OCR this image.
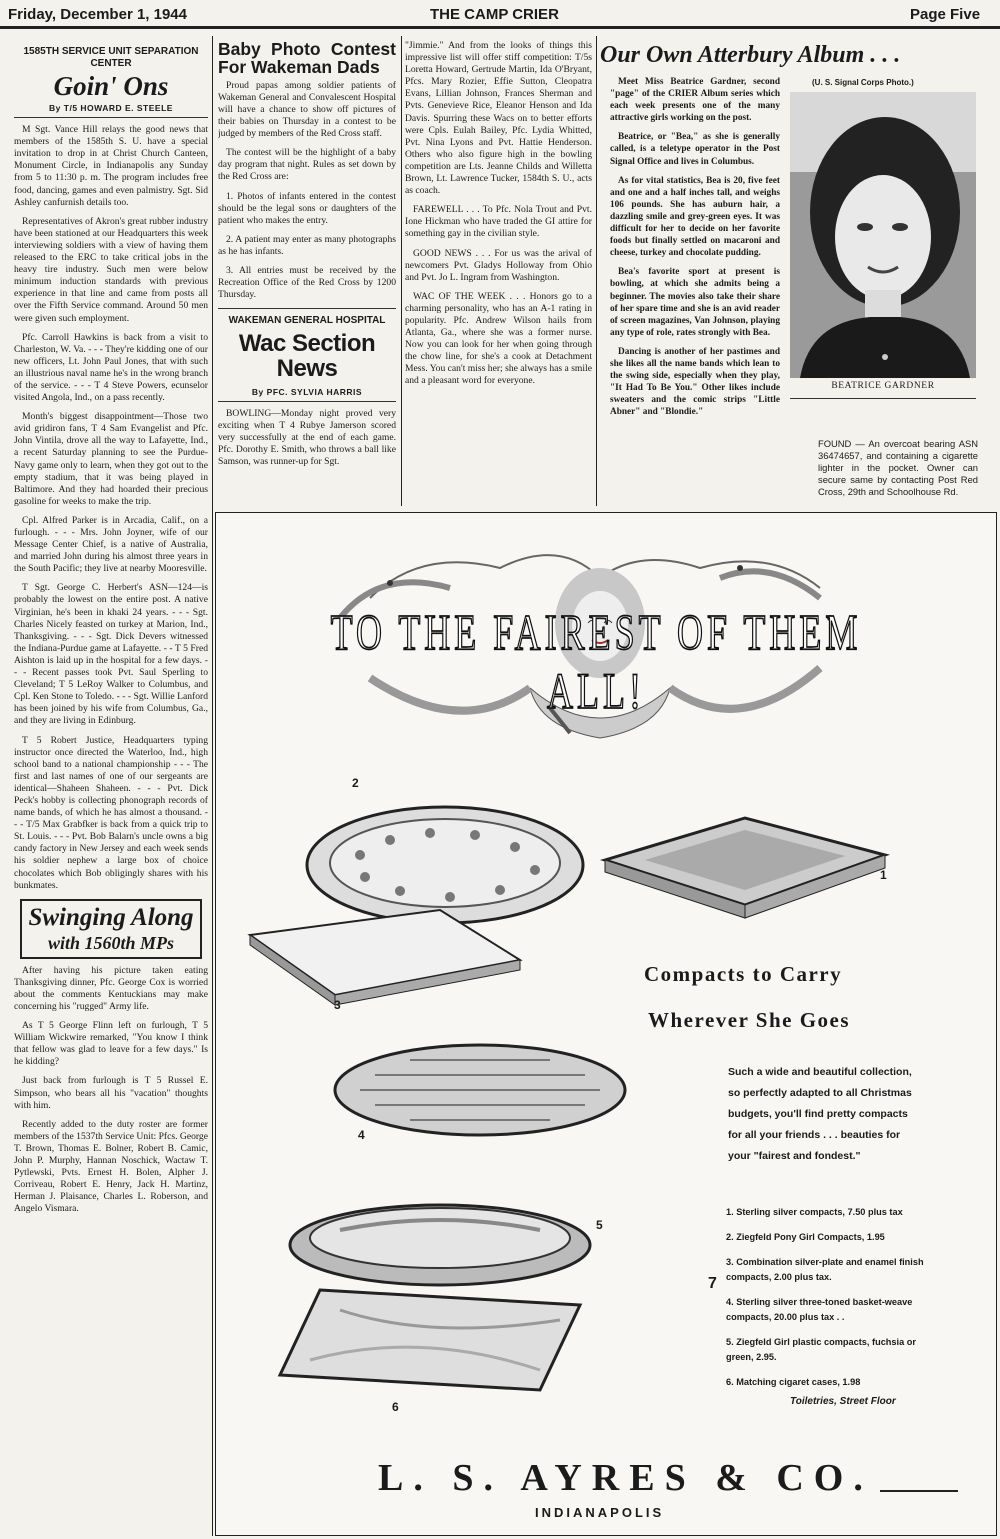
Friday, December 1, 1944	THE CAMP CRIER	Page Five
1585TH SERVICE UNIT SEPARATION CENTER
Goin' Ons
By T/5 HOWARD E. STEELE

M Sgt. Vance Hill relays the good news that members of the 1585th S. U. have a special invitation to drop in at Christ Church Canteen, Monument Circle, in Indianapolis any Sunday from 5 to 11:30 p. m. The program includes free food, dancing, games and even palmistry. Sgt. Sid Ashley canfurnish details too.

Representatives of Akron's great rubber industry have been stationed at our Headquarters this week interviewing soldiers with a view of having them released to the ERC to take critical jobs in the heavy tire industry. Such men were below minimum induction standards with previous experience in that line and came from posts all over the Fifth Service command. Around 50 men were given such employment.

Pfc. Carroll Hawkins is back from a visit to Charleston, W. Va. - - - They're kidding one of our new officers, Lt. John Paul Jones, that with such an illustrious naval name he's in the wrong branch of the service. - - - T 4 Steve Powers, ecunselor visited Angola, Ind., on a pass recently.

Month's biggest disappointment—Those two avid gridiron fans, T 4 Sam Evangelist and Pfc. John Vintila, drove all the way to Lafayette, Ind., a recent Saturday planning to see the Purdue-Navy game only to learn, when they got out to the empty stadium, that it was being played in Baltimore. And they had hoarded their precious gasoline for weeks to make the trip.

Cpl. Alfred Parker is in Arcadia, Calif., on a furlough. - - - Mrs. John Joyner, wife of our Message Center Chief, is a native of Australia, and married John during his almost three years in the South Pacific; they live at nearby Mooresville.

T Sgt. George C. Herbert's ASN—124—is probably the lowest on the entire post. A native Virginian, he's been in khaki 24 years. - - - Sgt. Charles Nicely feasted on turkey at Marion, Ind., Thanksgiving. - - - Sgt. Dick Devers witnessed the Indiana-Purdue game at Lafayette. - - T 5 Fred Aishton is laid up in the hospital for a few days. - - - Recent passes took Pvt. Saul Sperling to Cleveland; T 5 LeRoy Walker to Columbus, and Cpl. Ken Stone to Toledo. - - - Sgt. Willie Lanford has been joined by his wife from Columbus, Ga., and they are living in Edinburg.

T 5 Robert Justice, Headquarters typing instructor once directed the Waterloo, Ind., high school band to a national championship - - - The first and last names of one of our sergeants are identical—Shaheen Shaheen. - - - Pvt. Dick Peck's hobby is collecting phonograph records of name bands, of which he has almost a thousand. - - - T/5 Max Grabfker is back from a quick trip to St. Louis. - - - Pvt. Bob Balarn's uncle owns a big candy factory in New Jersey and each week sends his soldier nephew a large box of choice chocolates which Bob obligingly shares with his bunkmates.

Swinging Along
with 1560th MPs

After having his picture taken eating Thanksgiving dinner, Pfc. George Cox is worried about the comments Kentuckians may make concerning his "rugged" Army life.

As T 5 George Flinn left on furlough, T 5 William Wickwire remarked, "You know I think that fellow was glad to leave for a few days." Is he kidding?

Just back from furlough is T 5 Russel E. Simpson, who bears all his "vacation" thoughts with him.

Recently added to the duty roster are former members of the 1537th Service Unit: Pfcs. George T. Brown, Thomas E. Bolner, Robert B. Camic, John P. Murphy, Hannan Noschick, Wactaw T. Pytlewski, Pvts. Ernest H. Bolen, Alpher J. Corriveau, Robert E. Henry, Jack H. Martinz, Herman J. Plaisance, Charles L. Roberson, and Angelo Vismara.

Baby Photo Contest For Wakeman Dads

Proud papas among soldier patients of Wakeman General and Convalescent Hospital will have a chance to show off pictures of their babies on Thursday in a contest to be judged by members of the Red Cross staff.

The contest will be the highlight of a baby day program that night. Rules as set down by the Red Cross are:

1. Photos of infants entered in the contest should be the legal sons or daughters of the patient who makes the entry.

2. A patient may enter as many photographs as he has infants.

3. All entries must be received by the Recreation Office of the Red Cross by 1200 Thursday.

WAKEMAN GENERAL HOSPITAL
Wac Section News
By PFC. SYLVIA HARRIS

BOWLING—Monday night proved very exciting when T 4 Rubye Jamerson scored very successfully at the end of each game. Pfc. Dorothy E. Smith, who throws a ball like Samson, was runner-up for Sgt.

"Jimmie." And from the looks of things this impressive list will offer stiff competition: T/5s Loretta Howard, Gertrude Martin, Ida O'Bryant, Pfcs. Mary Rozier, Effie Sutton, Cleopatra Evans, Lillian Johnson, Frances Sherman and Pvts. Genevieve Rice, Eleanor Henson and Ida Davis. Spurring these Wacs on to better efforts were Cpls. Eulah Bailey, Pfc. Lydia Whitted, Pvt. Nina Lyons and Pvt. Hattie Henderson. Others who also figure high in the bowling competition are Lts. Jeanne Childs and Willetta Brown, Lt. Lawrence Tucker, 1584th S. U., acts as coach.

FAREWELL . . . To Pfc. Nola Trout and Pvt. Ione Hickman who have traded the GI attire for something gay in the civilian style.

GOOD NEWS . . . For us was the arival of newcomers Pvt. Gladys Holloway from Ohio and Pvt. Jo L. Ingram from Washington.

WAC OF THE WEEK . . . Honors go to a charming personality, who has an A-1 rating in popularity. Pfc. Andrew Wilson hails from Atlanta, Ga., where she was a former nurse. Now you can look for her when going through the chow line, for she's a cook at Detachment Mess. You can't miss her; she always has a smile and a pleasant word for everyone.

Our Own Atterbury Album . . .

Meet Miss Beatrice Gardner, second "page" of the CRIER Album series which each week presents one of the many attractive girls working on the post.

Beatrice, or "Bea," as she is generally called, is a teletype operator in the Post Signal Office and lives in Columbus.

As for vital statistics, Bea is 20, five feet and one and a half inches tall, and weighs 106 pounds. She has auburn hair, a dazzling smile and grey-green eyes. It was difficult for her to decide on her favorite foods but finally settled on macaroni and cheese, turkey and chocolate pudding.

Bea's favorite sport at present is bowling, at which she admits being a beginner. The movies also take their share of her spare time and she is an avid reader of screen magazines, Van Johnson, playing any type of role, rates strongly with Bea.

Dancing is another of her pastimes and she likes all the name bands which lean to the swing side, especially when they play, "It Had To Be You." Other likes include sweaters and the comic strips "Little Abner" and "Blondie."

(U. S. Signal Corps Photo.)
BEATRICE GARDNER
FOUND — An overcoat bearing ASN 36474657, and containing a cigarette lighter in the pocket. Owner can secure same by contacting Post Red Cross, 29th and Schoolhouse Rd.
TO THE FAIREST OF THEM ALL!
2
1
3
4
5
6
Compacts to Carry
Wherever She Goes
Such a wide and beautiful collection, so perfectly adapted to all Christmas budgets, you'll find pretty compacts for all your friends . . . beauties for your "fairest and fondest."
1. Sterling silver compacts, 7.50 plus tax
2. Ziegfeld Pony Girl Compacts, 1.95
3. Combination silver-plate and enamel finish compacts, 2.00 plus tax.
4. Sterling silver three-toned basket-weave compacts, 20.00 plus tax . .
5. Ziegfeld Girl plastic compacts, fuchsia or green, 2.95.
6. Matching cigaret cases, 1.98
7
Toiletries, Street Floor
L. S. AYRES & CO.
INDIANAPOLIS
